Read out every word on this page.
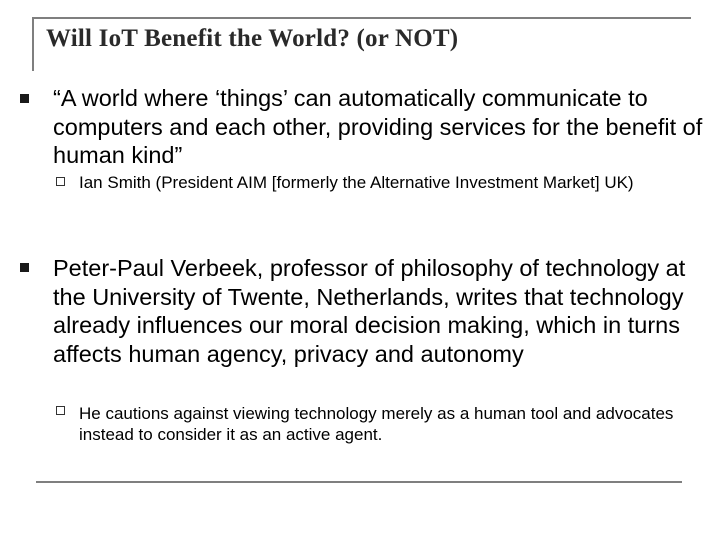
Will IoT Benefit the World? (or NOT)

“A world where ‘things’ can automatically communicate to computers and each other, providing services for the benefit of human kind”

Ian Smith (President AIM [formerly the Alternative Investment Market] UK)

Peter-Paul Verbeek, professor of philosophy of technology at the University of Twente, Netherlands, writes that technology already influences our moral decision making, which in turns affects human agency, privacy and autonomy

He cautions against viewing technology merely as a human tool and advocates instead to consider it as an active agent.
